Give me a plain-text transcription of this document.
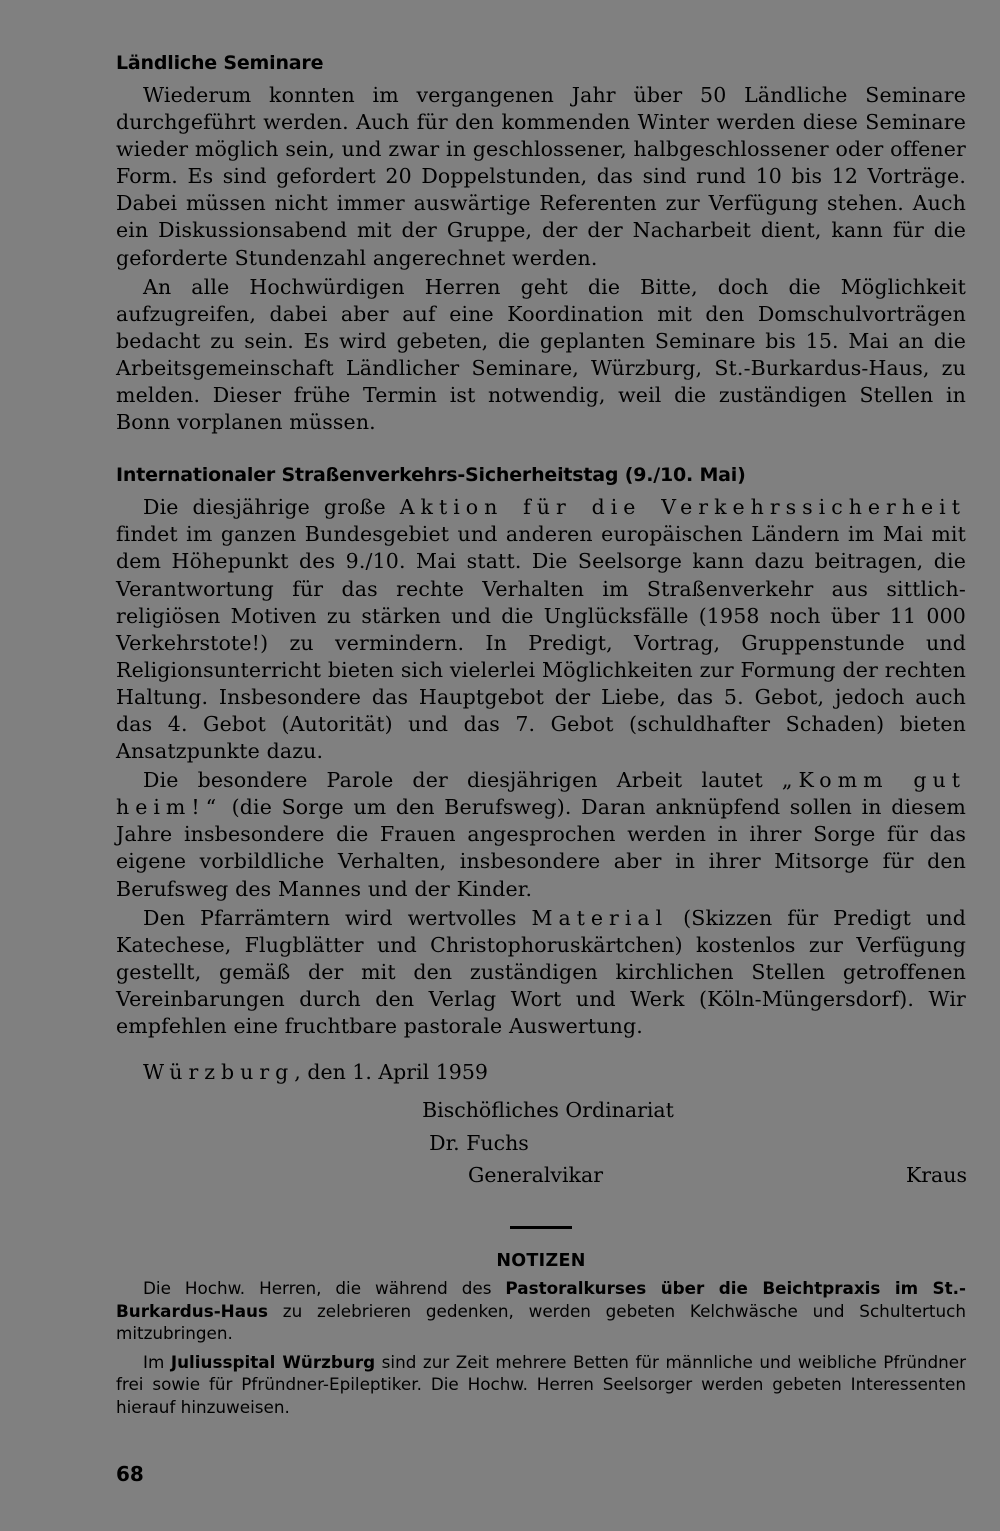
Ländliche Seminare

Wiederum konnten im vergangenen Jahr über 50 Ländliche Seminare durchgeführt werden. Auch für den kommenden Winter werden diese Seminare wieder möglich sein, und zwar in geschlossener, halbgeschlossener oder offener Form. Es sind gefordert 20 Doppelstunden, das sind rund 10 bis 12 Vorträge. Dabei müssen nicht immer auswärtige Referenten zur Verfügung stehen. Auch ein Diskussionsabend mit der Gruppe, der der Nacharbeit dient, kann für die geforderte Stundenzahl angerechnet werden.

An alle Hochwürdigen Herren geht die Bitte, doch die Möglichkeit aufzugreifen, dabei aber auf eine Koordination mit den Domschulvorträgen bedacht zu sein. Es wird gebeten, die geplanten Seminare bis 15. Mai an die Arbeitsgemeinschaft Ländlicher Seminare, Würzburg, St.-Burkardus-Haus, zu melden. Dieser frühe Termin ist notwendig, weil die zuständigen Stellen in Bonn vorplanen müssen.

Internationaler Straßenverkehrs-Sicherheitstag (9./10. Mai)

Die diesjährige große Aktion für die Verkehrssicherheit findet im ganzen Bundesgebiet und anderen europäischen Ländern im Mai mit dem Höhepunkt des 9./10. Mai statt. Die Seelsorge kann dazu beitragen, die Verantwortung für das rechte Verhalten im Straßenverkehr aus sittlich-religiösen Motiven zu stärken und die Unglücksfälle (1958 noch über 11 000 Verkehrstote!) zu vermindern. In Predigt, Vortrag, Gruppenstunde und Religionsunterricht bieten sich vielerlei Möglichkeiten zur Formung der rechten Haltung. Insbesondere das Hauptgebot der Liebe, das 5. Gebot, jedoch auch das 4. Gebot (Autorität) und das 7. Gebot (schuldhafter Schaden) bieten Ansatzpunkte dazu.

Die besondere Parole der diesjährigen Arbeit lautet „Komm gut heim!“ (die Sorge um den Berufsweg). Daran anknüpfend sollen in diesem Jahre insbesondere die Frauen angesprochen werden in ihrer Sorge für das eigene vorbildliche Verhalten, insbesondere aber in ihrer Mitsorge für den Berufsweg des Mannes und der Kinder.

Den Pfarrämtern wird wertvolles Material (Skizzen für Predigt und Katechese, Flugblätter und Christophoruskärtchen) kostenlos zur Verfügung gestellt, gemäß der mit den zuständigen kirchlichen Stellen getroffenen Vereinbarungen durch den Verlag Wort und Werk (Köln-Müngersdorf). Wir empfehlen eine fruchtbare pastorale Auswertung.

Würzburg, den 1. April 1959
Bischöfliches Ordinariat
Dr. Fuchs
Generalvikar	Kraus
NOTIZEN

Die Hochw. Herren, die während des Pastoralkurses über die Beichtpraxis im St.-Burkardus-Haus zu zelebrieren gedenken, werden gebeten Kelchwäsche und Schultertuch mitzubringen.

Im Juliusspital Würzburg sind zur Zeit mehrere Betten für männliche und weibliche Pfründner frei sowie für Pfründner-Epileptiker. Die Hochw. Herren Seelsorger werden gebeten Interessenten hierauf hinzuweisen.

68
